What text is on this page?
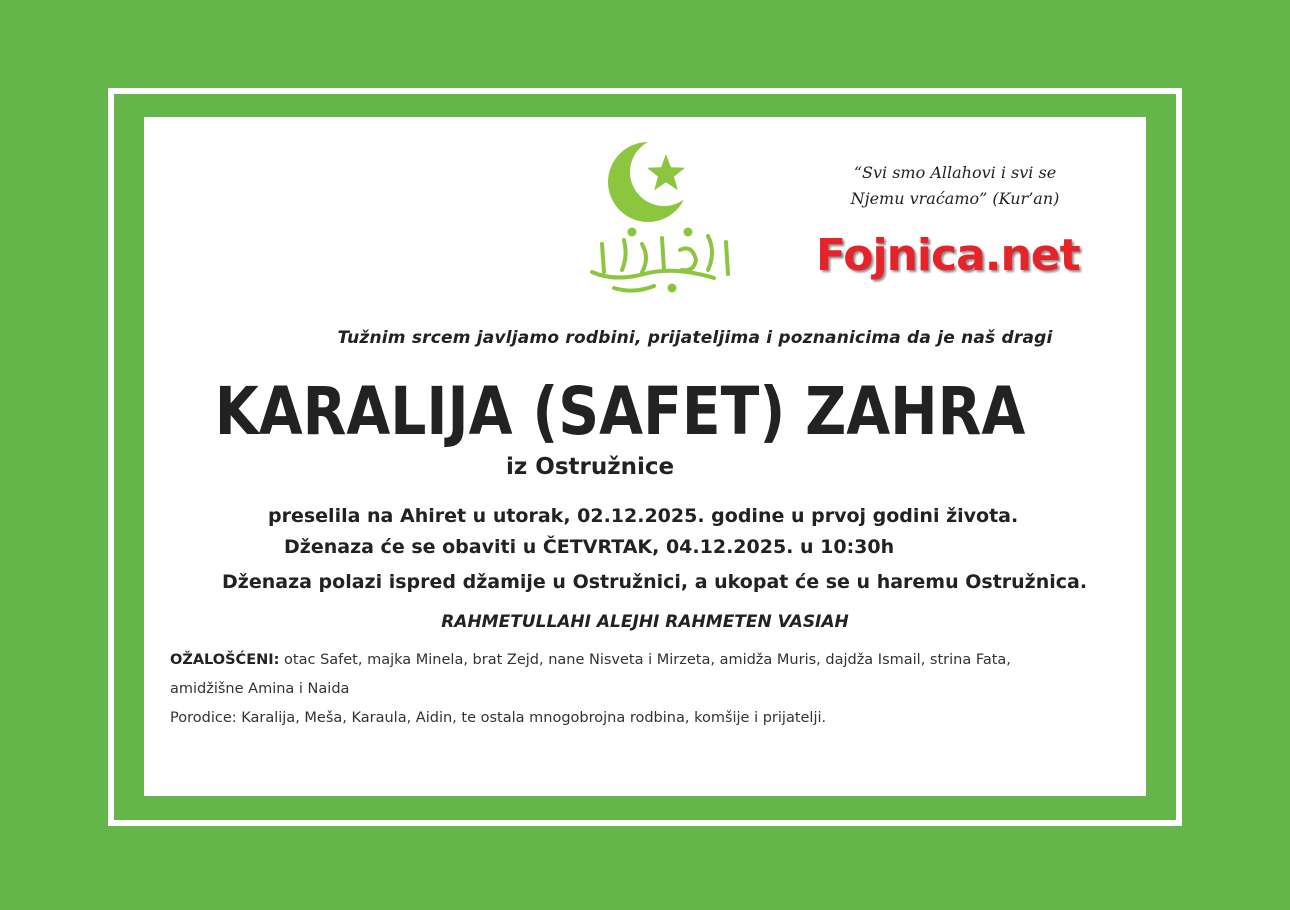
“Svi smo Allahovi i svi se
Njemu vraćamo” (Kur’an)
Fojnica.net
Tužnim srcem javljamo rodbini, prijateljima i poznanicima da je naš dragi
KARALIJA (SAFET) ZAHRA
iz Ostružnice
preselila na Ahiret u utorak, 02.12.2025. godine u prvoj godini života.
Dženaza će se obaviti u ČETVRTAK, 04.12.2025. u 10:30h
Dženaza polazi ispred džamije u Ostružnici, a ukopat će se u haremu Ostružnica.
RAHMETULLAHI ALEJHI RAHMETEN VASIAH
OŽALOŠĆENI: otac Safet, majka Minela, brat Zejd, nane Nisveta i Mirzeta, amidža Muris, dajdža Ismail, strina Fata,
amidžišne Amina i Naida
Porodice: Karalija, Meša, Karaula, Aidin, te ostala mnogobrojna rodbina, komšije i prijatelji.
